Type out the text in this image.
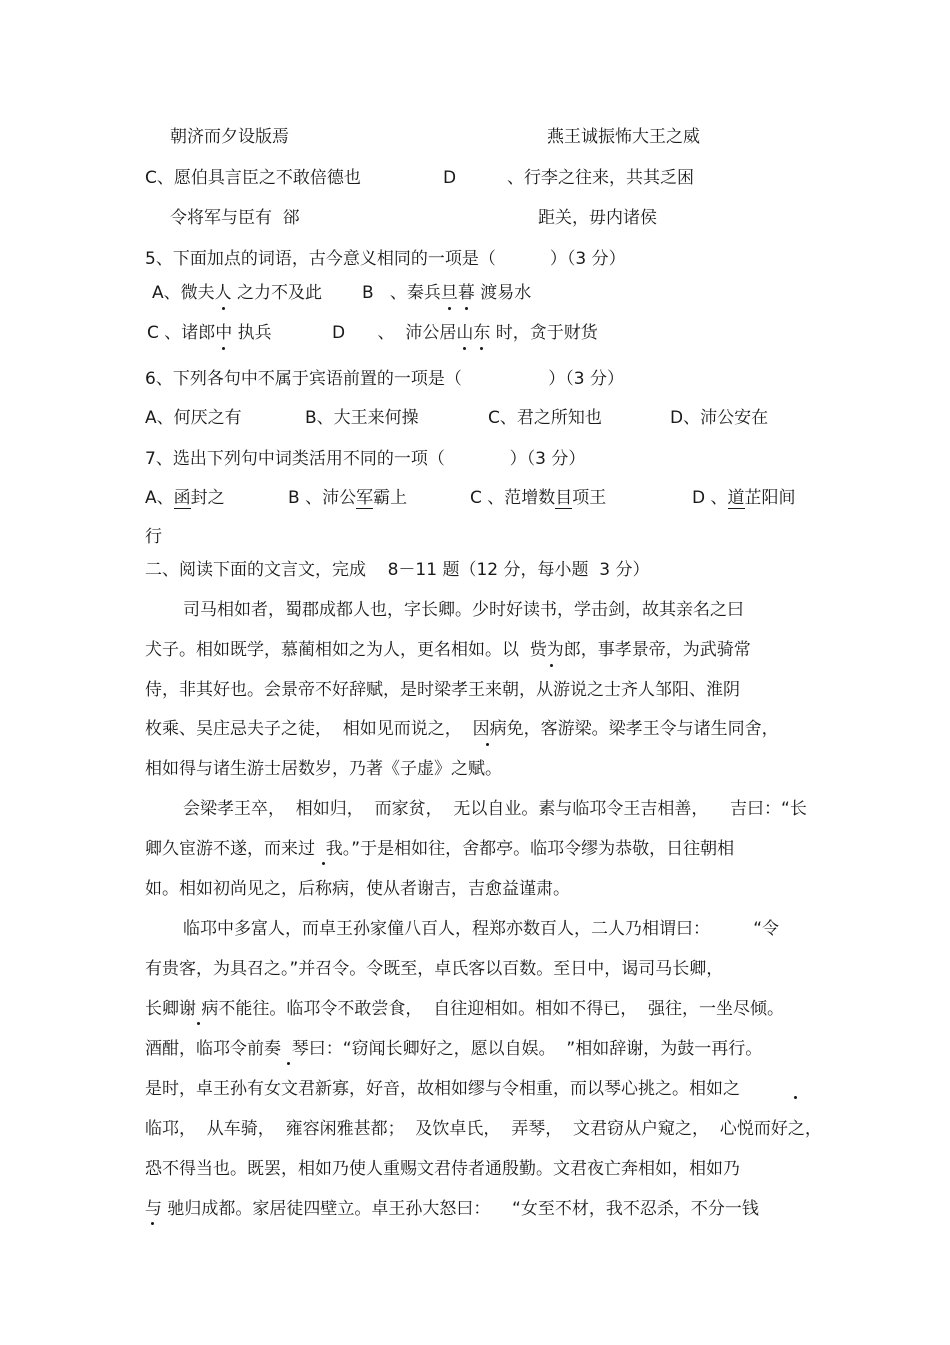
朝济而夕设版焉	燕王诚振怖大王之威
C、愿伯具言臣之不敢倍德也	D	、行李之往来，共其乏困
令将军与臣有  郤	距关，毋内诸侯
5、下面加点的词语，古今意义相同的一项是（          ）（3 分）
A、微夫人 之力不及此 B   、秦兵旦暮 渡易水
C 、诸郎中 执兵	D      、  沛公居山东 时，贪于财货
6、下列各句中不属于宾语前置的一项是（                ）（3 分）
A、何厌之有	B、大王来何操	C、君之所知也	D、沛公安在
7、选出下列句中词类活用不同的一项（            ）（3 分）
A、函封之	B 、沛公军霸上	C 、范增数目项王	D 、道芷阳间
行
二、阅读下面的文言文，完成    8－11 题（12 分，每小题  3 分）
司马相如者，蜀郡成都人也，字长卿。少时好读书，学击剑，故其亲名之曰
犬子。相如既学，慕蔺相如之为人，更名相如。以  赀为郎，事孝景帝，为武骑常
侍，非其好也。会景帝不好辞赋，是时梁孝王来朝，从游说之士齐人邹阳、淮阴
枚乘、吴庄忌夫子之徒，  相如见而说之，  因病免，客游梁。梁孝王令与诸生同舍，
相如得与诸生游士居数岁，乃著《子虚》之赋。
会梁孝王卒，  相如归，  而家贫，  无以自业。素与临邛令王吉相善，    吉曰：“长
卿久宦游不遂，而来过  我。”于是相如往，舍都亭。临邛令缪为恭敬，日往朝相
如。相如初尚见之，后称病，使从者谢吉，吉愈益谨肃。
临邛中多富人，而卓王孙家僮八百人，程郑亦数百人，二人乃相谓曰：        “令
有贵客，为具召之。”并召令。令既至，卓氏客以百数。至日中，谒司马长卿，
长卿谢 病不能往。临邛令不敢尝食，  自往迎相如。相如不得已，  强往，一坐尽倾。
酒酣，临邛令前奏  琴曰：“窃闻长卿好之，愿以自娱。  ”相如辞谢，为鼓一再行。
是时，卓王孙有女文君新寡，好音，故相如缪与令相重，而以琴心挑之。相如之
临邛，  从车骑，  雍容闲雅甚都；  及饮卓氏，  弄琴，  文君窃从户窥之，  心悦而好之，
恐不得当也。既罢，相如乃使人重赐文君侍者通殷勤。文君夜亡奔相如，相如乃
与 驰归成都。家居徒四壁立。卓王孙大怒曰：    “女至不材，我不忍杀，不分一钱
